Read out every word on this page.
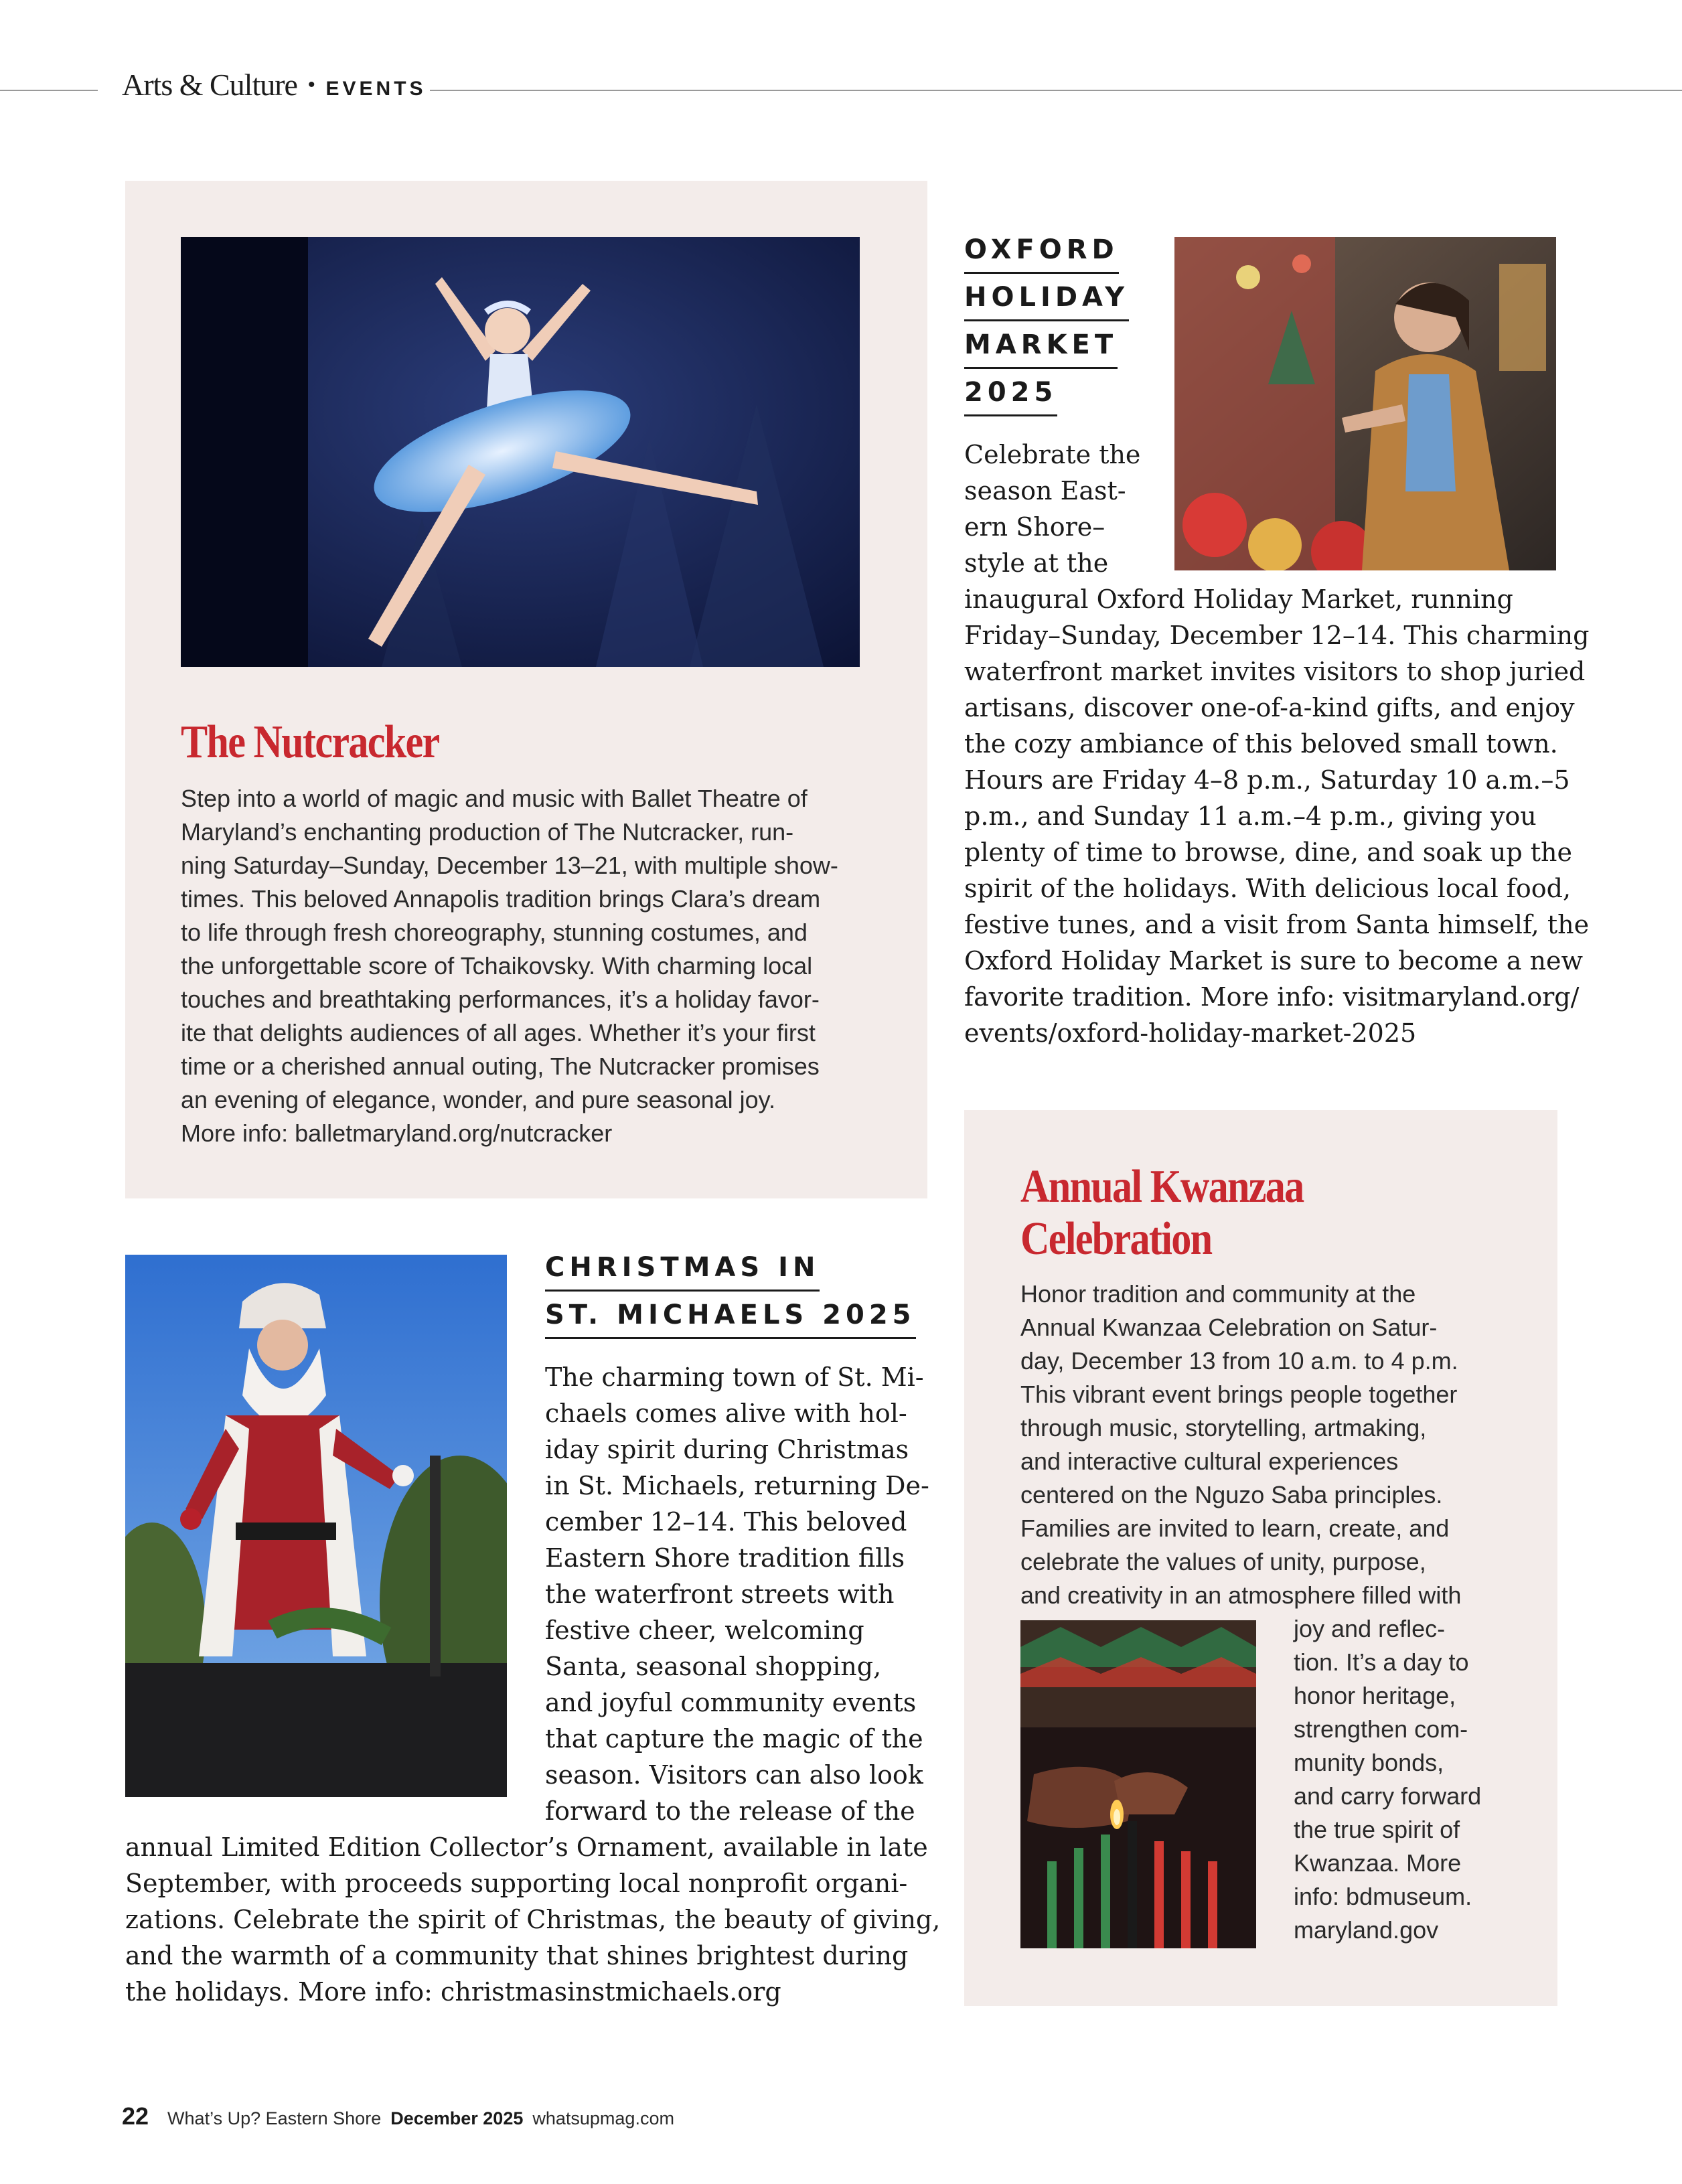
Arts & Culture • EVENTS
The Nutcracker
Step into a world of magic and music with Ballet Theatre of
Maryland’s enchanting production of The Nutcracker, run-
ning Saturday–Sunday, December 13–21, with multiple show-
times. This beloved Annapolis tradition brings Clara’s dream
to life through fresh choreography, stunning costumes, and
the unforgettable score of Tchaikovsky. With charming local
touches and breathtaking performances, it’s a holiday favor-
ite that delights audiences of all ages. Whether it’s your first
time or a cherished annual outing, The Nutcracker promises
an evening of elegance, wonder, and pure seasonal joy.
More info: balletmaryland.org/nutcracker
OXFORD
HOLIDAY
MARKET
2025
Celebrate the
season East-
ern Shore–
style at the
inaugural Oxford Holiday Market, running
Friday–Sunday, December 12–14. This charming
waterfront market invites visitors to shop juried
artisans, discover one-of-a-kind gifts, and enjoy
the cozy ambiance of this beloved small town.
Hours are Friday 4–8 p.m., Saturday 10 a.m.–5
p.m., and Sunday 11 a.m.–4 p.m., giving you
plenty of time to browse, dine, and soak up the
spirit of the holidays. With delicious local food,
festive tunes, and a visit from Santa himself, the
Oxford Holiday Market is sure to become a new
favorite tradition. More info: visitmaryland.org/
events/oxford-holiday-market-2025
Annual Kwanzaa
Celebration
Honor tradition and community at the
Annual Kwanzaa Celebration on Satur-
day, December 13 from 10 a.m. to 4 p.m.
This vibrant event brings people together
through music, storytelling, artmaking,
and interactive cultural experiences
centered on the Nguzo Saba principles.
Families are invited to learn, create, and
celebrate the values of unity, purpose,
and creativity in an atmosphere filled with
joy and reflec-
tion. It’s a day to
honor heritage,
strengthen com-
munity bonds,
and carry forward
the true spirit of
Kwanzaa. More
info: bdmuseum.
maryland.gov
CHRISTMAS IN
ST. MICHAELS 2025
The charming town of St. Mi-
chaels comes alive with hol-
iday spirit during Christmas
in St. Michaels, returning De-
cember 12–14. This beloved
Eastern Shore tradition fills
the waterfront streets with
festive cheer, welcoming
Santa, seasonal shopping,
and joyful community events
that capture the magic of the
season. Visitors can also look
forward to the release of the
annual Limited Edition Collector’s Ornament, available in late
September, with proceeds supporting local nonprofit organi-
zations. Celebrate the spirit of Christmas, the beauty of giving,
and the warmth of a community that shines brightest during
the holidays. More info: christmasinstmichaels.org
22 What’s Up? Eastern Shore December 2025 whatsupmag.com
